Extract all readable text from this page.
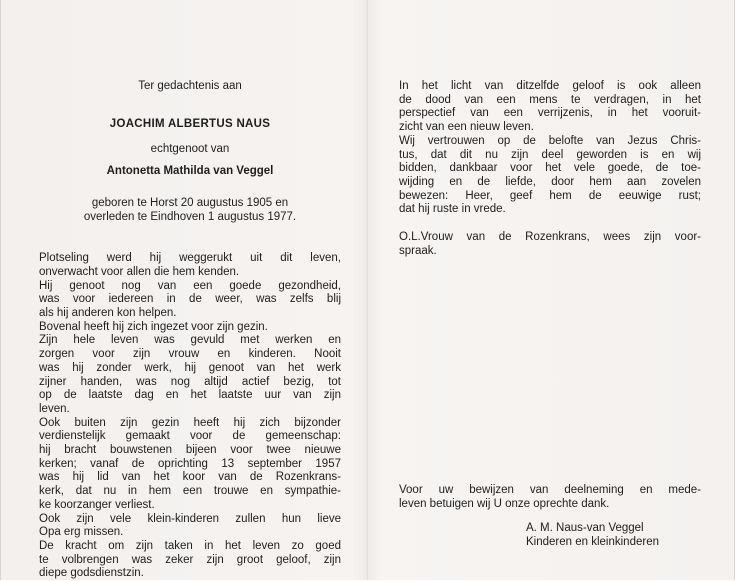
Ter gedachtenis aan
JOACHIM ALBERTUS NAUS
echtgenoot van
Antonetta Mathilda van Veggel
geboren te Horst 20 augustus 1905 en
overleden te Eindhoven 1 augustus 1977.
Plotseling werd hij weggerukt uit dit leven,
onverwacht voor allen die hem kenden.
Hij genoot nog van een goede gezondheid,
was voor iedereen in de weer, was zelfs blij
als hij anderen kon helpen.
Bovenal heeft hij zich ingezet voor zijn gezin.
Zijn hele leven was gevuld met werken en
zorgen voor zijn vrouw en kinderen. Nooit
was hij zonder werk, hij genoot van het werk
zijner handen, was nog altijd actief bezig, tot
op de laatste dag en het laatste uur van zijn
leven.
Ook buiten zijn gezin heeft hij zich bijzonder
verdienstelijk gemaakt voor de gemeenschap:
hij bracht bouwstenen bijeen voor twee nieuwe
kerken; vanaf de oprichting 13 september 1957
was hij lid van het koor van de Rozenkrans-
kerk, dat nu in hem een trouwe en sympathie-
ke koorzanger verliest.
Ook zijn vele klein-kinderen zullen hun lieve
Opa erg missen.
De kracht om zijn taken in het leven zo goed
te volbrengen was zeker zijn groot geloof, zijn
diepe godsdienstzin.
In het licht van ditzelfde geloof is ook alleen
de dood van een mens te verdragen, in het
perspectief van een verrijzenis, in het vooruit-
zicht van een nieuw leven.
Wij vertrouwen op de belofte van Jezus Chris-
tus, dat dit nu zijn deel geworden is en wij
bidden, dankbaar voor het vele goede, de toe-
wijding en de liefde, door hem aan zovelen
bewezen: Heer, geef hem de eeuwige rust;
dat hij ruste in vrede.
O.L.Vrouw van de Rozenkrans, wees zijn voor-
spraak.
Voor uw bewijzen van deelneming en mede-
leven betuigen wij U onze oprechte dank.
A. M. Naus-van Veggel
Kinderen en kleinkinderen
